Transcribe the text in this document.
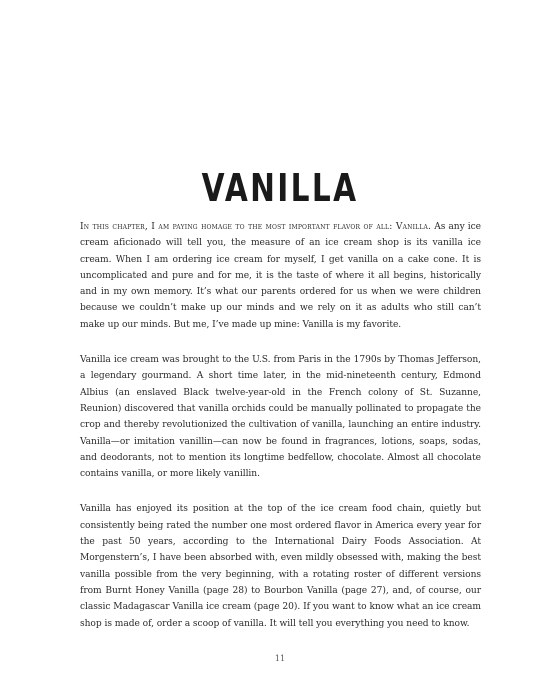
VANILLA

In this chapter, I am paying homage to the most important flavor of all: Vanilla. As any ice cream aficionado will tell you, the measure of an ice cream shop is its vanilla ice cream. When I am ordering ice cream for myself, I get vanilla on a cake cone. It is uncomplicated and pure and for me, it is the taste of where it all begins, historically and in my own memory. It’s what our parents ordered for us when we were children because we couldn’t make up our minds and we rely on it as adults who still can’t make up our minds. But me, I’ve made up mine: Vanilla is my favorite.

Vanilla ice cream was brought to the U.S. from Paris in the 1790s by Thomas Jefferson, a legendary gourmand. A short time later, in the mid-nineteenth century, Edmond Albius (an enslaved Black twelve-year-old in the French colony of St. Suzanne, Reunion) discovered that vanilla orchids could be manually pollinated to propagate the crop and thereby revolutionized the cultivation of vanilla, launching an entire industry. Vanilla—or imitation vanillin—can now be found in fragrances, lotions, soaps, sodas, and deodorants, not to mention its longtime bedfellow, chocolate. Almost all chocolate contains vanilla, or more likely vanillin.

Vanilla has enjoyed its position at the top of the ice cream food chain, quietly but consistently being rated the number one most ordered flavor in America every year for the past 50 years, according to the International Dairy Foods Association. At Morgenstern’s, I have been absorbed with, even mildly obsessed with, making the best vanilla possible from the very beginning, with a rotating roster of different versions from Burnt Honey Vanilla (page 28) to Bourbon Vanilla (page 27), and, of course, our classic Madagascar Vanilla ice cream (page 20). If you want to know what an ice cream shop is made of, order a scoop of vanilla. It will tell you everything you need to know.

11
